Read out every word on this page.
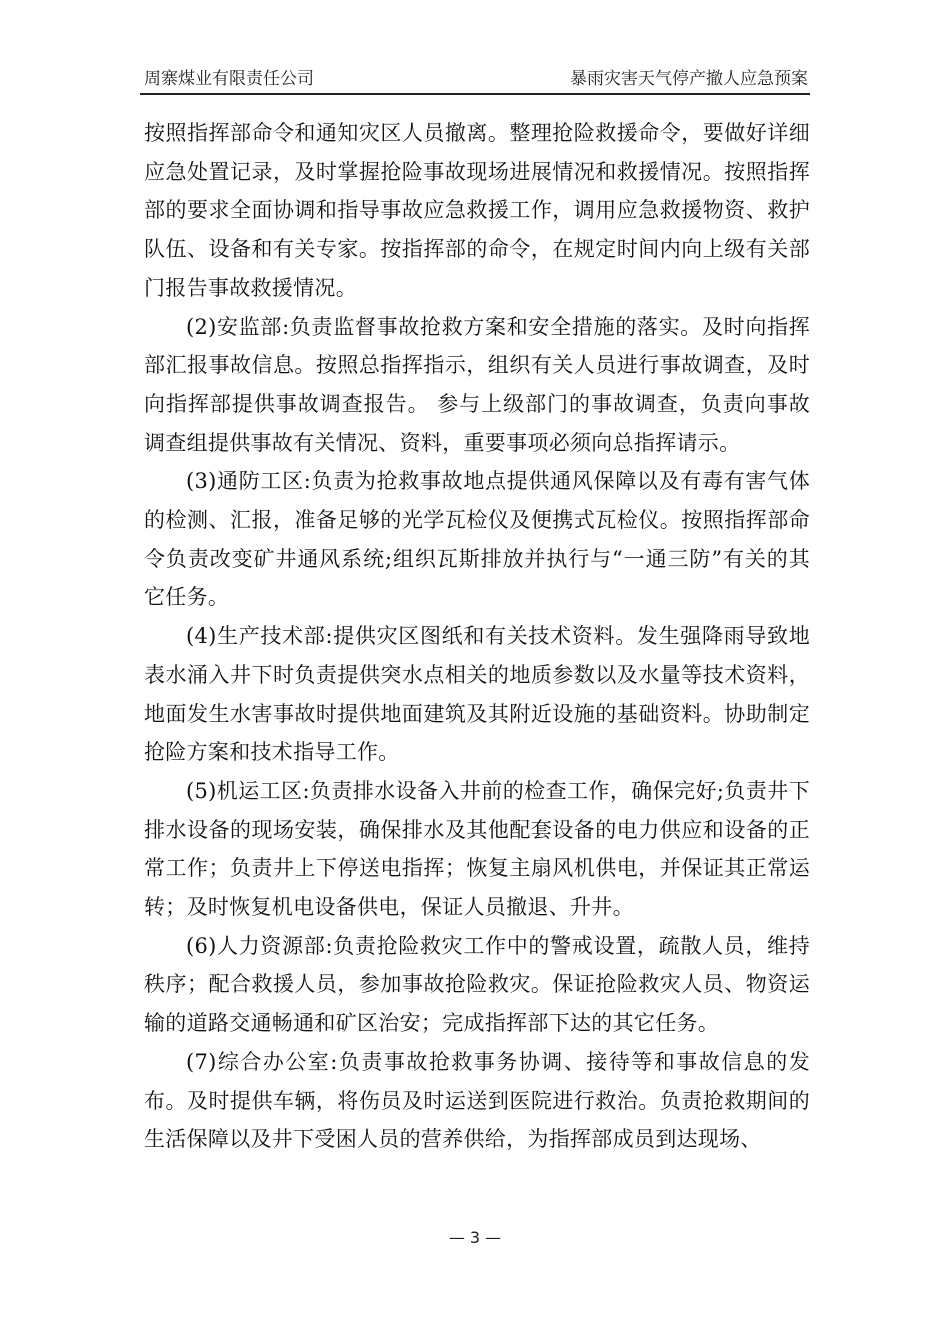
周寨煤业有限责任公司	暴雨灾害天气停产撤人应急预案

按照指挥部命令和通知灾区人员撤离。整理抢险救援命令，要做好详细应急处置记录，及时掌握抢险事故现场进展情况和救援情况。按照指挥部的要求全面协调和指导事故应急救援工作，调用应急救援物资、救护队伍、设备和有关专家。按指挥部的命令，在规定时间内向上级有关部门报告事故救援情况。

(2)安监部:负责监督事故抢救方案和安全措施的落实。及时向指挥部汇报事故信息。按照总指挥指示，组织有关人员进行事故调查，及时向指挥部提供事故调查报告。 参与上级部门的事故调查，负责向事故调查组提供事故有关情况、资料，重要事项必须向总指挥请示。

(3)通防工区:负责为抢救事故地点提供通风保障以及有毒有害气体的检测、汇报，准备足够的光学瓦检仪及便携式瓦检仪。按照指挥部命令负责改变矿井通风系统;组织瓦斯排放并执行与“一通三防”有关的其它任务。

(4)生产技术部:提供灾区图纸和有关技术资料。发生强降雨导致地表水涌入井下时负责提供突水点相关的地质参数以及水量等技术资料，地面发生水害事故时提供地面建筑及其附近设施的基础资料。协助制定抢险方案和技术指导工作。

(5)机运工区:负责排水设备入井前的检查工作，确保完好;负责井下排水设备的现场安装，确保排水及其他配套设备的电力供应和设备的正常工作；负责井上下停送电指挥；恢复主扇风机供电，并保证其正常运转；及时恢复机电设备供电，保证人员撤退、升井。

(6)人力资源部:负责抢险救灾工作中的警戒设置，疏散人员，维持秩序；配合救援人员，参加事故抢险救灾。保证抢险救灾人员、物资运输的道路交通畅通和矿区治安；完成指挥部下达的其它任务。

(7)综合办公室:负责事故抢救事务协调、接待等和事故信息的发布。及时提供车辆，将伤员及时运送到医院进行救治。负责抢救期间的生活保障以及井下受困人员的营养供给，为指挥部成员到达现场、

— 3 —
